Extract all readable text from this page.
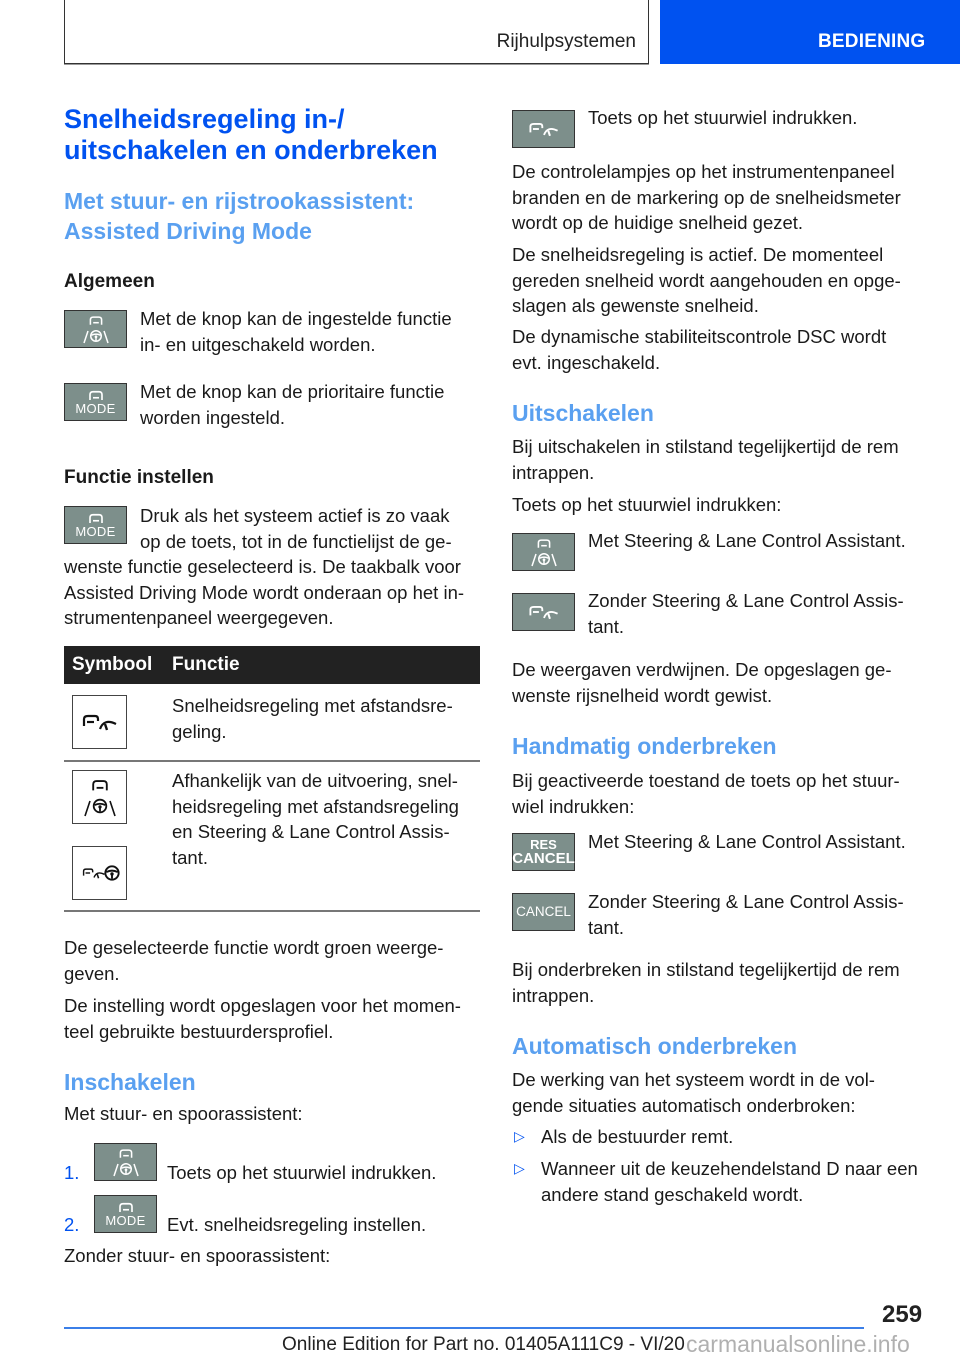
Rijhulpsystemen	BEDIENING
Snelheidsregeling in-/
uitschakelen en onderbreken
Met stuur- en rijstrookassistent:
Assisted Driving Mode
Algemeen
Met de knop kan de ingestelde functie
in- en uitgeschakeld worden.
MODE
Met de knop kan de prioritaire functie
worden ingesteld.
Functie instellen
MODE
Druk als het systeem actief is zo vaak
op de toets, tot in de functielijst de ge-
wenste functie geselecteerd is. De taakbalk voor
Assisted Driving Mode wordt onderaan op het in-
strumentenpaneel weergegeven.
Symbool Functie
Snelheidsregeling met afstandsre-
geling.
Afhankelijk van de uitvoering, snel-
heidsregeling met afstandsregeling
en Steering & Lane Control Assis-
tant.
De geselecteerde functie wordt groen weerge-
geven.
De instelling wordt opgeslagen voor het momen-
teel gebruikte bestuurdersprofiel.
Inschakelen
Met stuur- en spoorassistent:
1.	Toets op het stuurwiel indrukken.
2. MODE Evt. snelheidsregeling instellen.
Zonder stuur- en spoorassistent:
Toets op het stuurwiel indrukken.
De controlelampjes op het instrumentenpaneel
branden en de markering op de snelheidsmeter
wordt op de huidige snelheid gezet.
De snelheidsregeling is actief. De momenteel
gereden snelheid wordt aangehouden en opge-
slagen als gewenste snelheid.
De dynamische stabiliteitscontrole DSC wordt
evt. ingeschakeld.
Uitschakelen
Bij uitschakelen in stilstand tegelijkertijd de rem
intrappen.
Toets op het stuurwiel indrukken:
Met Steering & Lane Control Assistant.
Zonder Steering & Lane Control Assis-
tant.
De weergaven verdwijnen. De opgeslagen ge-
wenste rijsnelheid wordt gewist.
Handmatig onderbreken
Bij geactiveerde toestand de toets op het stuur-
wiel indrukken:
RES
CANCEL
Met Steering & Lane Control Assistant.
CANCEL Zonder Steering & Lane Control Assis-
tant.
Bij onderbreken in stilstand tegelijkertijd de rem
intrappen.
Automatisch onderbreken
De werking van het systeem wordt in de vol-
gende situaties automatisch onderbroken:
▷ Als de bestuurder remt.
▷ Wanneer uit de keuzehendelstand D naar een
andere stand geschakeld wordt.
259
Online Edition for Part no. 01405A111C9 - VI/20 carmanualsonline.info
